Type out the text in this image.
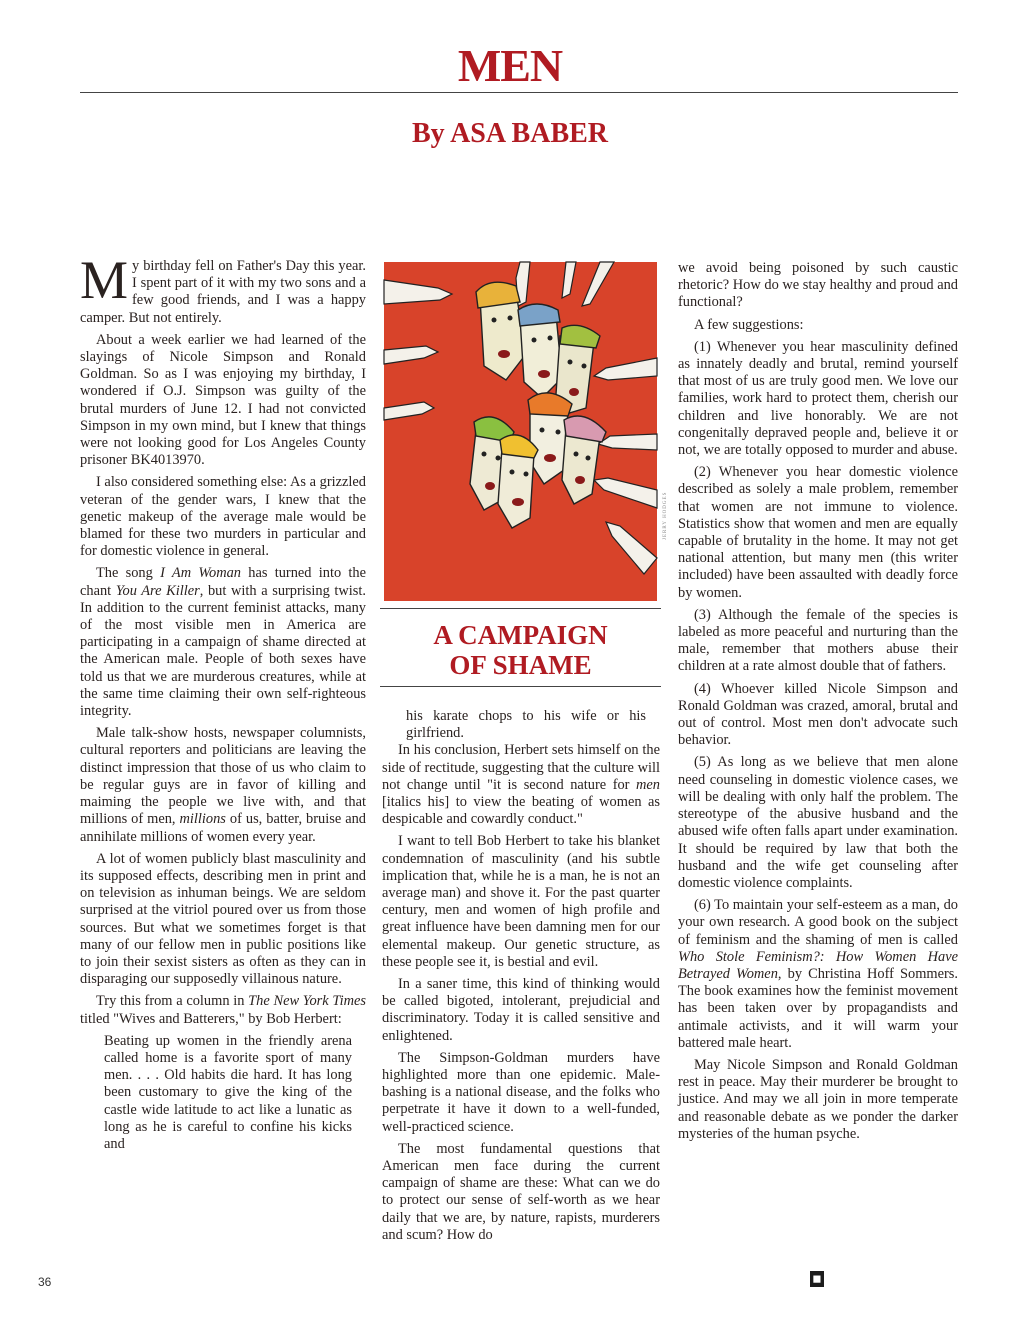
MEN
By ASA BABER

My birthday fell on Father's Day this year. I spent part of it with my two sons and a few good friends, and I was a happy camper. But not entirely.

About a week earlier we had learned of the slayings of Nicole Simpson and Ronald Goldman. So as I was enjoying my birthday, I wondered if O.J. Simpson was guilty of the brutal murders of June 12. I had not convicted Simpson in my own mind, but I knew that things were not looking good for Los Angeles County prisoner BK4013970.

I also considered something else: As a grizzled veteran of the gender wars, I knew that the genetic makeup of the average male would be blamed for these two murders in particular and for domestic violence in general.

The song I Am Woman has turned into the chant You Are Killer, but with a surprising twist. In addition to the current feminist attacks, many of the most visible men in America are participating in a campaign of shame directed at the American male. People of both sexes have told us that we are murderous creatures, while at the same time claiming their own self-righteous integrity.

Male talk-show hosts, newspaper columnists, cultural reporters and politicians are leaving the distinct impression that those of us who claim to be regular guys are in favor of killing and maiming the people we live with, and that millions of men, millions of us, batter, bruise and annihilate millions of women every year.

A lot of women publicly blast masculinity and its supposed effects, describing men in print and on television as inhuman beings. We are seldom surprised at the vitriol poured over us from those sources. But what we sometimes forget is that many of our fellow men in public positions like to join their sexist sisters as often as they can in disparaging our supposedly villainous nature.

Try this from a column in The New York Times titled "Wives and Batterers," by Bob Herbert:

Beating up women in the friendly arena called home is a favorite sport of many men. . . . Old habits die hard. It has long been customary to give the king of the castle wide latitude to act like a lunatic as long as he is careful to confine his kicks and

JERRY HODGES
A CAMPAIGN
OF SHAME

his karate chops to his wife or his girlfriend.

In his conclusion, Herbert sets himself on the side of rectitude, suggesting that the culture will not change until "it is second nature for men [italics his] to view the beating of women as despicable and cowardly conduct."

I want to tell Bob Herbert to take his blanket condemnation of masculinity (and his subtle implication that, while he is a man, he is not an average man) and shove it. For the past quarter century, men and women of high profile and great influence have been damning men for our elemental makeup. Our genetic structure, as these people see it, is bestial and evil.

In a saner time, this kind of thinking would be called bigoted, intolerant, prejudicial and discriminatory. Today it is called sensitive and enlightened.

The Simpson-Goldman murders have highlighted more than one epidemic. Male-bashing is a national disease, and the folks who perpetrate it have it down to a well-funded, well-practiced science.

The most fundamental questions that American men face during the current campaign of shame are these: What can we do to protect our sense of self-worth as we hear daily that we are, by nature, rapists, murderers and scum? How do

we avoid being poisoned by such caustic rhetoric? How do we stay healthy and proud and functional?

A few suggestions:

(1) Whenever you hear masculinity defined as innately deadly and brutal, remind yourself that most of us are truly good men. We love our families, work hard to protect them, cherish our children and live honorably. We are not congenitally depraved people and, believe it or not, we are totally opposed to murder and abuse.

(2) Whenever you hear domestic violence described as solely a male problem, remember that women are not immune to violence. Statistics show that women and men are equally capable of brutality in the home. It may not get national attention, but many men (this writer included) have been assaulted with deadly force by women.

(3) Although the female of the species is labeled as more peaceful and nurturing than the male, remember that mothers abuse their children at a rate almost double that of fathers.

(4) Whoever killed Nicole Simpson and Ronald Goldman was crazed, amoral, brutal and out of control. Most men don't advocate such behavior.

(5) As long as we believe that men alone need counseling in domestic violence cases, we will be dealing with only half the problem. The stereotype of the abusive husband and the abused wife often falls apart under examination. It should be required by law that both the husband and the wife get counseling after domestic violence complaints.

(6) To maintain your self-esteem as a man, do your own research. A good book on the subject of feminism and the shaming of men is called Who Stole Feminism?: How Women Have Betrayed Women, by Christina Hoff Sommers. The book examines how the feminist movement has been taken over by propagandists and antimale activists, and it will warm your battered male heart.

May Nicole Simpson and Ronald Goldman rest in peace. May their murderer be brought to justice. And may we all join in more temperate and reasonable debate as we ponder the darker mysteries of the human psyche.

36	◼
